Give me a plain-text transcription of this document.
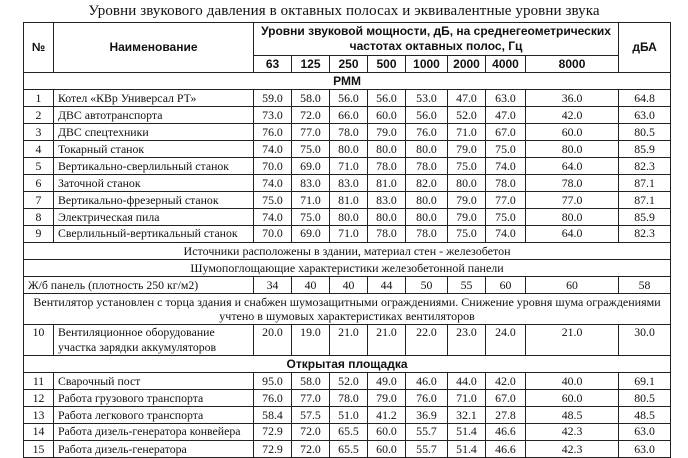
Уровни звукового давления в октавных полосах и эквивалентные уровни звука
№	Наименование	Уровни звуковой мощности, дБ, на среднегеометрических частотах октавных полос, Гц								дБА
		63	125	250	500	1000	2000	4000	8000	
РММ										
1	Котел «КВр Универсал РТ»	59.0	58.0	56.0	56.0	53.0	47.0	63.0	36.0	64.8
2	ДВС автотранспорта	73.0	72.0	66.0	60.0	56.0	52.0	47.0	42.0	63.0
3	ДВС спецтехники	76.0	77.0	78.0	79.0	76.0	71.0	67.0	60.0	80.5
4	Токарный станок	74.0	75.0	80.0	80.0	80.0	79.0	75.0	80.0	85.9
5	Вертикально-сверлильный станок	70.0	69.0	71.0	78.0	78.0	75.0	74.0	64.0	82.3
6	Заточной станок	74.0	83.0	83.0	81.0	82.0	80.0	78.0	78.0	87.1
7	Вертикально-фрезерный станок	75.0	71.0	81.0	83.0	80.0	79.0	77.0	77.0	87.1
8	Электрическая пила	74.0	75.0	80.0	80.0	80.0	79.0	75.0	80.0	85.9
9	Сверлильный-вертикальный станок	70.0	69.0	71.0	78.0	78.0	75.0	74.0	64.0	82.3
Источники расположены в здании, материал стен - железобетон										
Шумопоглощающие характеристики железобетонной панели										
Ж/б панель (плотность 250 кг/м2)		34	40	40	44	50	55	60	60	58
Вентилятор установлен с торца здания и снабжен шумозащитными ограждениями. Снижение уровня шума ограждениями учтено в шумовых характеристиках вентиляторов										
10	Вентиляционное оборудование участка зарядки аккумуляторов	20.0	19.0	21.0	21.0	22.0	23.0	24.0	21.0	30.0
Открытая площадка										
11	Сварочный пост	95.0	58.0	52.0	49.0	46.0	44.0	42.0	40.0	69.1
12	Работа грузового транспорта	76.0	77.0	78.0	79.0	76.0	71.0	67.0	60.0	80.5
13	Работа легкового транспорта	58.4	57.5	51.0	41.2	36.9	32.1	27.8	48.5	48.5
14	Работа дизель-генератора конвейера	72.9	72.0	65.5	60.0	55.7	51.4	46.6	42.3	63.0
15	Работа дизель-генератора	72.9	72.0	65.5	60.0	55.7	51.4	46.6	42.3	63.0
